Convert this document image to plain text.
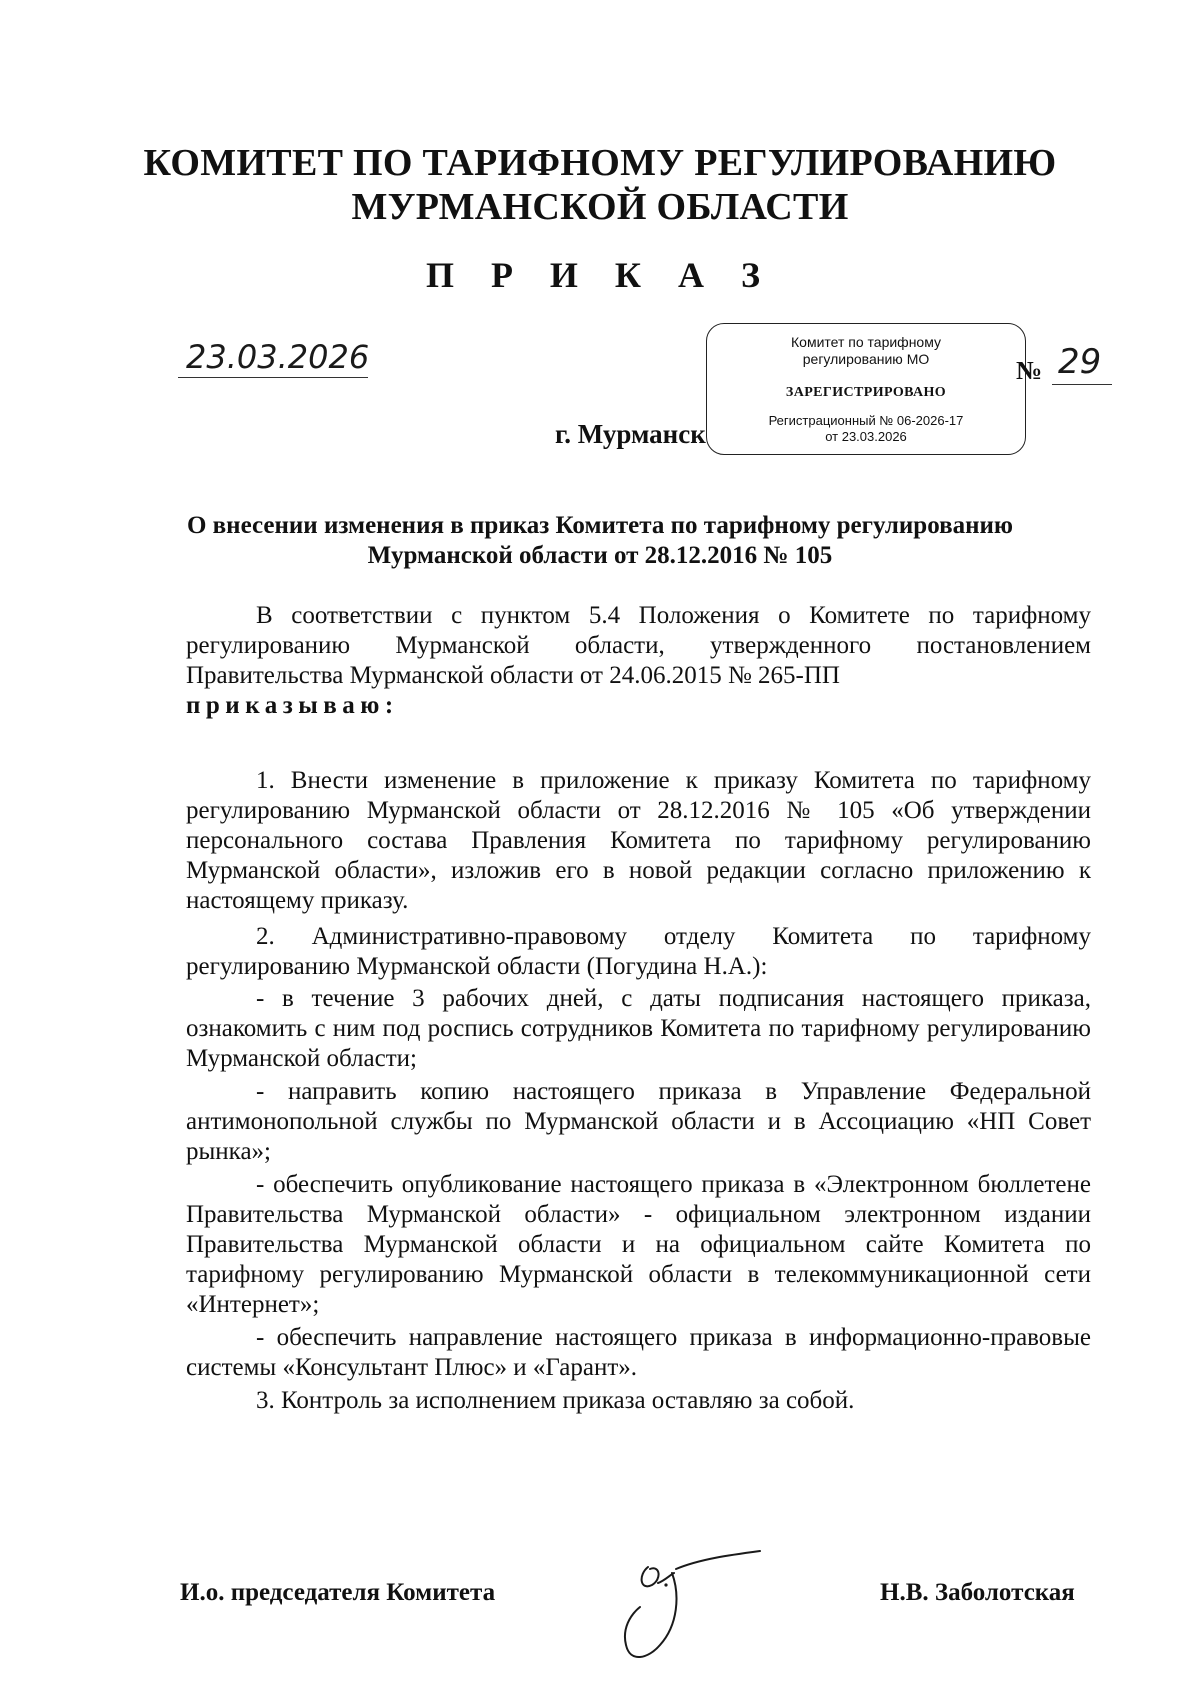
КОМИТЕТ ПО ТАРИФНОМУ РЕГУЛИРОВАНИЮ
МУРМАНСКОЙ ОБЛАСТИ
П Р И К А З
23.03.2026	Комитет по тарифному
регулированию МО
ЗАРЕГИСТРИРОВАНО
Регистрационный № 06-2026-17
от 23.03.2026
№ 29
г. Мурманск
О внесении изменения в приказ Комитета по тарифному регулированию
Мурманской области от 28.12.2016 № 105
В соответствии с пунктом 5.4 Положения о Комитете по тарифному регулированию Мурманской области, утвержденного постановлением Правительства Мурманской области от 24.06.2015 № 265-ПП
приказываю:
1. Внести изменение в приложение к приказу Комитета по тарифному регулированию Мурманской области от 28.12.2016 № 105 «Об утверждении персонального состава Правления Комитета по тарифному регулированию Мурманской области», изложив его в новой редакции согласно приложению к настоящему приказу.
2. Административно-правовому отделу Комитета по тарифному регулированию Мурманской области (Погудина Н.А.):
- в течение 3 рабочих дней, с даты подписания настоящего приказа, ознакомить с ним под роспись сотрудников Комитета по тарифному регулированию Мурманской области;
- направить копию настоящего приказа в Управление Федеральной антимонопольной службы по Мурманской области и в Ассоциацию «НП Совет рынка»;
- обеспечить опубликование настоящего приказа в «Электронном бюллетене Правительства Мурманской области» - официальном электронном издании Правительства Мурманской области и на официальном сайте Комитета по тарифному регулированию Мурманской области в телекоммуникационной сети «Интернет»;
- обеспечить направление настоящего приказа в информационно-правовые системы «Консультант Плюс» и «Гарант».
3. Контроль за исполнением приказа оставляю за собой.
И.о. председателя Комитета	Н.В. Заболотская
